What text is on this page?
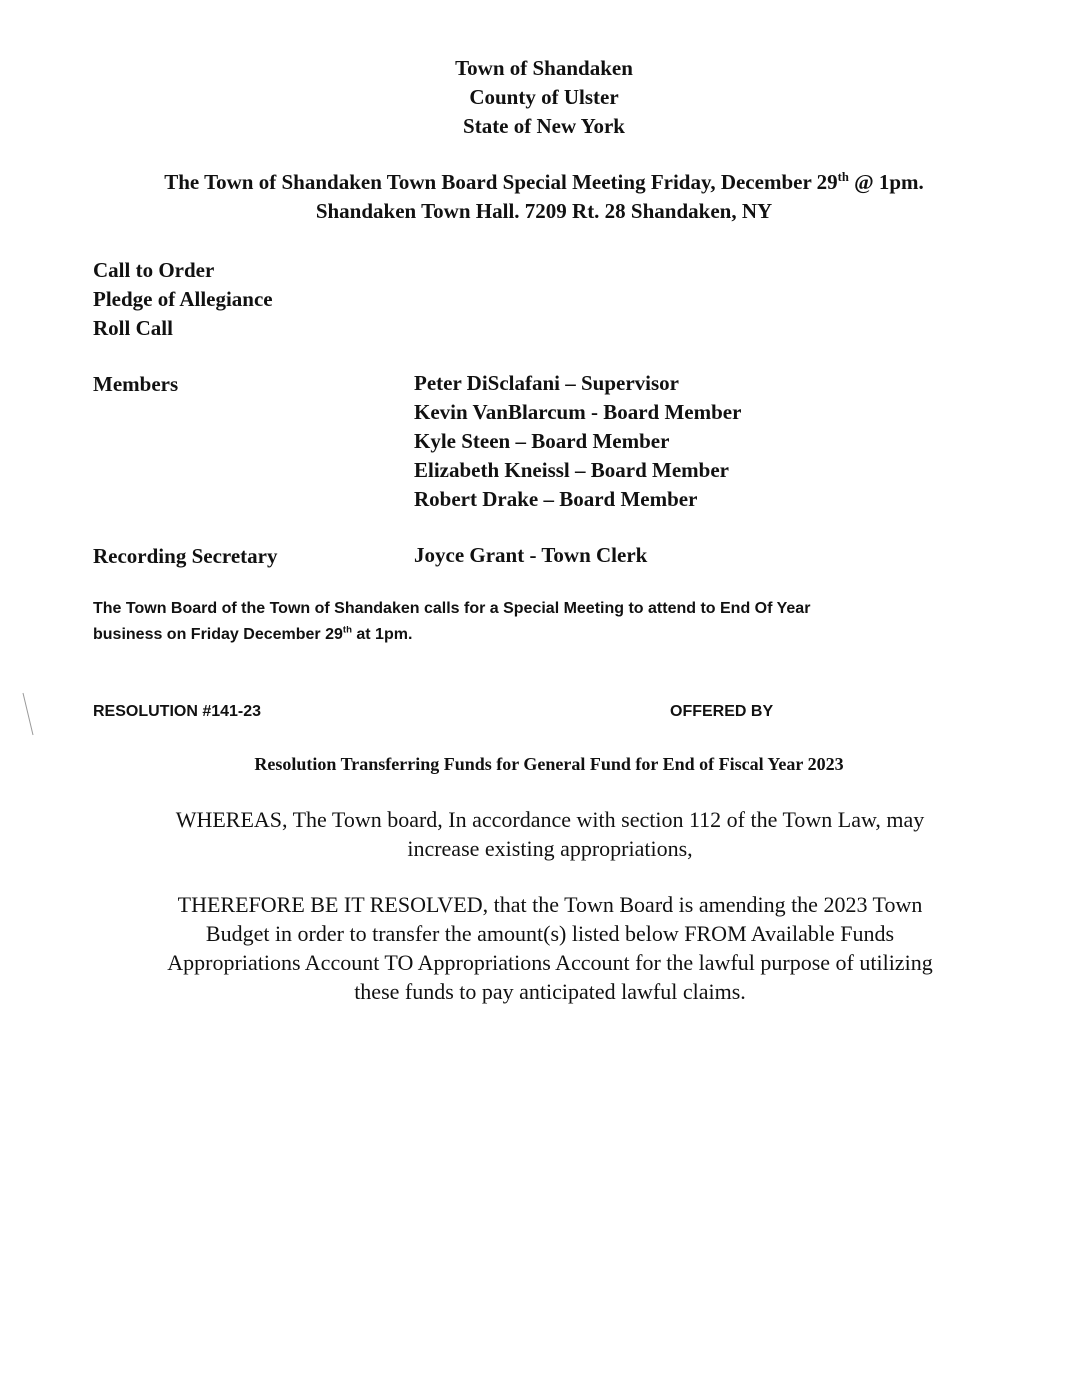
Town of Shandaken
County of Ulster
State of New York
The Town of Shandaken Town Board Special Meeting Friday, December 29th @ 1pm.
Shandaken Town Hall. 7209 Rt. 28 Shandaken, NY
Call to Order
Pledge of Allegiance
Roll Call
Members	Peter DiSclafani – Supervisor
Kevin VanBlarcum - Board Member
Kyle Steen – Board Member
Elizabeth Kneissl – Board Member
Robert Drake – Board Member
Recording Secretary	Joyce Grant - Town Clerk
The Town Board of the Town of Shandaken calls for a Special Meeting to attend to End Of Year
business on Friday December 29th at 1pm.
RESOLUTION #141-23	OFFERED BY
Resolution Transferring Funds for General Fund for End of Fiscal Year 2023
WHEREAS, The Town board, In accordance with section 112 of the Town Law, may
increase existing appropriations,
THEREFORE BE IT RESOLVED, that the Town Board is amending the 2023 Town
Budget in order to transfer the amount(s) listed below FROM Available Funds
Appropriations Account TO Appropriations Account for the lawful purpose of utilizing
these funds to pay anticipated lawful claims.
